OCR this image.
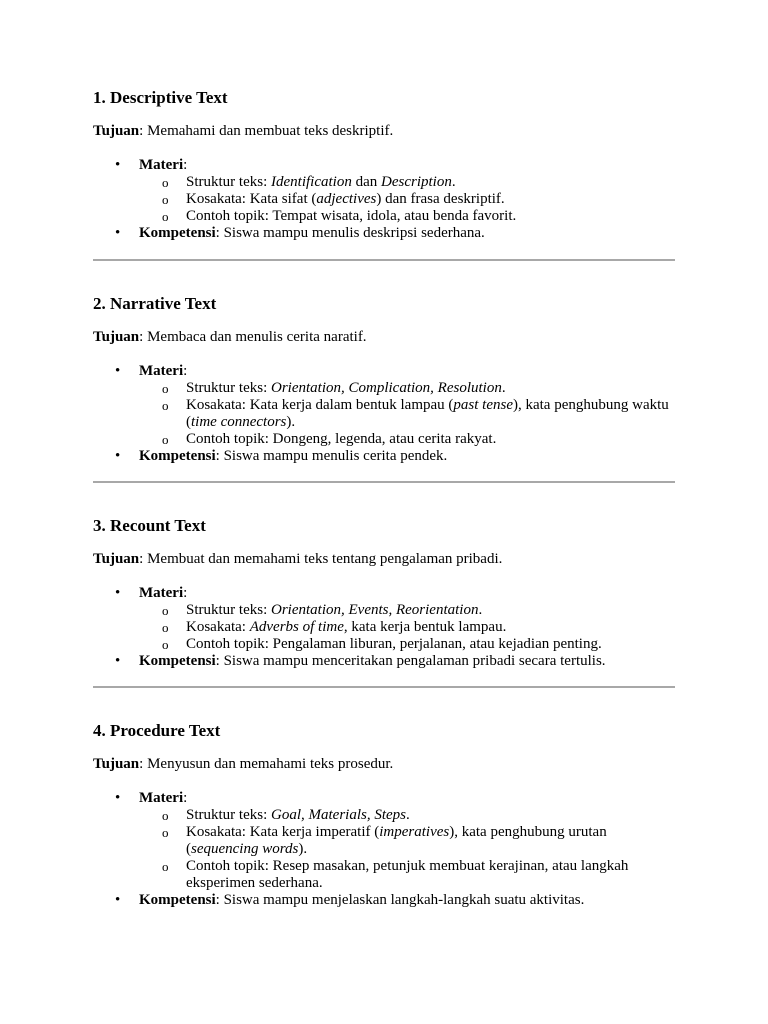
1. Descriptive Text

Tujuan: Memahami dan membuat teks deskriptif.

• Materi:
o Struktur teks: Identification dan Description.
o Kosakata: Kata sifat (adjectives) dan frasa deskriptif.
o Contoh topik: Tempat wisata, idola, atau benda favorit.
• Kompetensi: Siswa mampu menulis deskripsi sederhana.
2. Narrative Text

Tujuan: Membaca dan menulis cerita naratif.

• Materi:
o Struktur teks: Orientation, Complication, Resolution.
o Kosakata: Kata kerja dalam bentuk lampau (past tense), kata penghubung waktu (time connectors).
o Contoh topik: Dongeng, legenda, atau cerita rakyat.
• Kompetensi: Siswa mampu menulis cerita pendek.
3. Recount Text

Tujuan: Membuat dan memahami teks tentang pengalaman pribadi.

• Materi:
o Struktur teks: Orientation, Events, Reorientation.
o Kosakata: Adverbs of time, kata kerja bentuk lampau.
o Contoh topik: Pengalaman liburan, perjalanan, atau kejadian penting.
• Kompetensi: Siswa mampu menceritakan pengalaman pribadi secara tertulis.
4. Procedure Text

Tujuan: Menyusun dan memahami teks prosedur.

• Materi:
o Struktur teks: Goal, Materials, Steps.
o Kosakata: Kata kerja imperatif (imperatives), kata penghubung urutan (sequencing words).
o Contoh topik: Resep masakan, petunjuk membuat kerajinan, atau langkah eksperimen sederhana.
• Kompetensi: Siswa mampu menjelaskan langkah-langkah suatu aktivitas.
